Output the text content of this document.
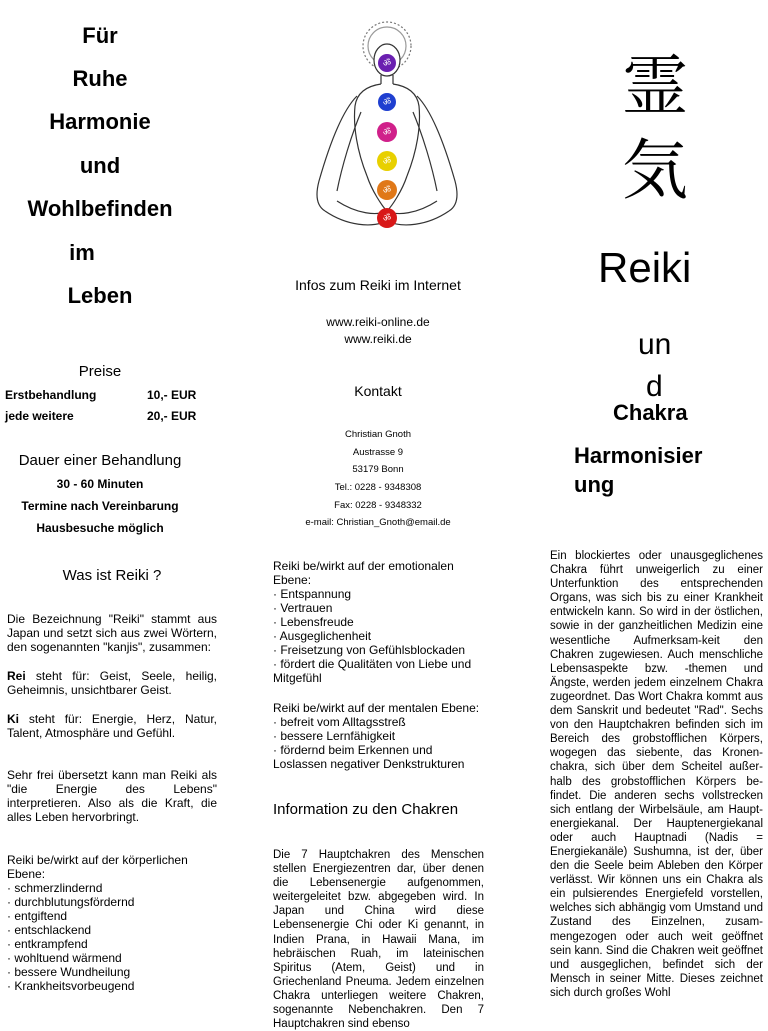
Für
Ruhe
Harmonie
und
Wohlbefinden
im
Leben
Preise
Erstbehandlung	10,- EUR
jede weitere	20,- EUR
Dauer einer Behandlung
30 - 60 Minuten
Termine nach Vereinbarung
Hausbesuche möglich
Was ist Reiki ?
Die Bezeichnung "Reiki" stammt aus Japan und setzt sich aus zwei Wörtern, den sogenannten "kanjis", zusammen:
Rei steht für: Geist, Seele, heilig, Geheimnis, unsichtbarer Geist.
Ki steht für: Energie, Herz, Natur, Talent, Atmosphäre und Gefühl.
Sehr frei übersetzt kann man Reiki als "die Energie des Lebens" interpretieren. Also als die Kraft, die alles Leben hervorbringt.
Reiki be/wirkt auf der körperlichen Ebene:
· schmerzlindernd
· durchblutungsfördernd
· entgiftend
· entschlackend
· entkrampfend
· wohltuend wärmend
· bessere Wundheilung
· Krankheitsvorbeugend
ॐ
ॐ
ॐ
ॐ
ॐ
ॐ
Infos zum Reiki im Internet
www.reiki-online.de
www.reiki.de
Kontakt
Christian Gnoth
Austrasse 9
53179 Bonn
Tel.: 0228 - 9348308
Fax: 0228 - 9348332
e-mail: Christian_Gnoth@email.de
Reiki be/wirkt auf der emotionalen Ebene:
· Entspannung
· Vertrauen
· Lebensfreude
· Ausgeglichenheit
· Freisetzung von Gefühlsblockaden
· fördert die Qualitäten von Liebe und Mitgefühl
Reiki be/wirkt auf der mentalen Ebene:
· befreit vom Alltagsstreß
· bessere Lernfähigkeit
· fördernd beim Erkennen und Loslassen negativer Denkstrukturen
Information zu den Chakren
Die 7 Hauptchakren des Menschen stellen Energiezentren dar, über denen die Lebensenergie aufgenommen, weitergeleitet bzw. abgegeben wird. In Japan und China wird diese Lebensenergie Chi oder Ki genannt, in Indien Prana, in Hawaii Mana, im hebräischen Ruah, im lateinischen Spiritus (Atem, Geist) und in Griechenland Pneuma. Jedem einzelnen Chakra unterliegen weitere Chakren, sogenannte Nebenchakren. Den 7 Hauptchakren sind ebenso
霊
気
Reiki
un
d
Chakra
Harmonisier
ung
Ein blockiertes oder unausgeglichenes Chakra führt unweigerlich zu einer Unterfunktion des entsprechenden Organs, was sich bis zu einer Krankheit entwickeln kann. So wird in der östlichen, sowie in der ganzheitlichen Medizin eine wesentliche Aufmerksam-keit den Chakren zugewiesen. Auch menschliche Lebensaspekte bzw. -themen und Ängste, werden jedem einzelnem Chakra zugeordnet. Das Wort Chakra kommt aus dem Sanskrit und bedeutet "Rad". Sechs von den Hauptchakren befinden sich im Bereich des grobstofflichen Körpers, wogegen das siebente, das Kronen-chakra, sich über dem Scheitel außer-halb des grobstofflichen Körpers be-findet. Die anderen sechs vollstrecken sich entlang der Wirbelsäule, am Haupt-energiekanal. Der Hauptenergiekanal oder auch Hauptnadi (Nadis = Energiekanäle) Sushumna, ist der, über den die Seele beim Ableben den Körper verlässt. Wir können uns ein Chakra als ein pulsierendes Energiefeld vorstellen, welches sich abhängig vom Umstand und Zustand des Einzelnen, zusam-mengezogen oder auch weit geöffnet sein kann. Sind die Chakren weit geöffnet und ausgeglichen, befindet sich der Mensch in seiner Mitte. Dieses zeichnet sich durch großes Wohl
